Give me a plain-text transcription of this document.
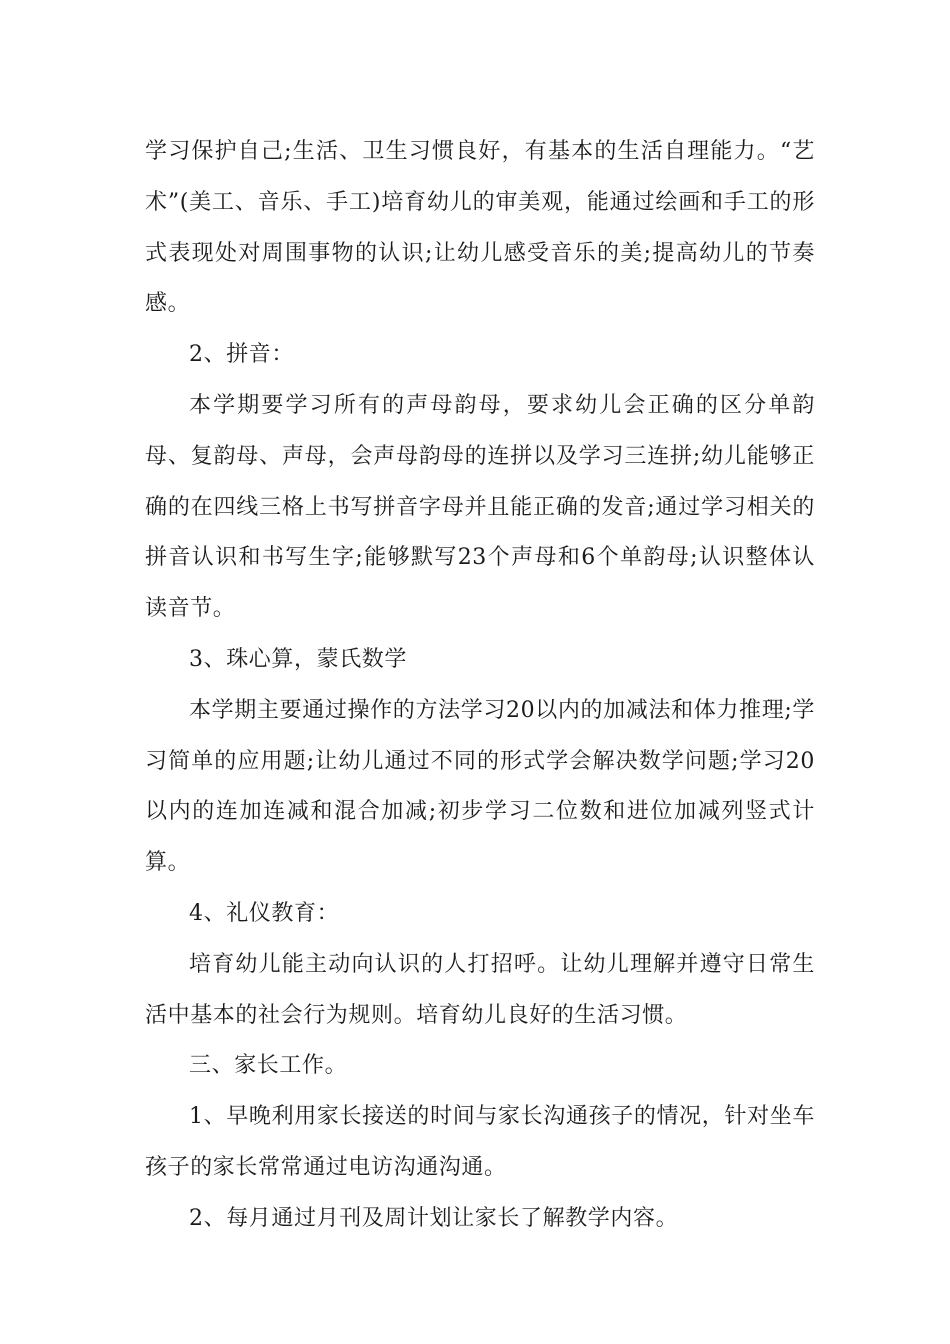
学习保护自己;生活、卫生习惯良好，有基本的生活自理能力。“艺术”(美工、音乐、手工)培育幼儿的审美观，能通过绘画和手工的形式表现处对周围事物的认识;让幼儿感受音乐的美;提高幼儿的节奏感。

2、拼音：

本学期要学习所有的声母韵母，要求幼儿会正确的区分单韵母、复韵母、声母，会声母韵母的连拼以及学习三连拼;幼儿能够正确的在四线三格上书写拼音字母并且能正确的发音;通过学习相关的拼音认识和书写生字;能够默写23个声母和6个单韵母;认识整体认读音节。

3、珠心算，蒙氏数学

本学期主要通过操作的方法学习20以内的加减法和体力推理;学习简单的应用题;让幼儿通过不同的形式学会解决数学问题;学习20以内的连加连减和混合加减;初步学习二位数和进位加减列竖式计算。

4、礼仪教育：

培育幼儿能主动向认识的人打招呼。让幼儿理解并遵守日常生活中基本的社会行为规则。培育幼儿良好的生活习惯。

三、家长工作。

1、早晚利用家长接送的时间与家长沟通孩子的情况，针对坐车孩子的家长常常通过电访沟通沟通。

2、每月通过月刊及周计划让家长了解教学内容。
